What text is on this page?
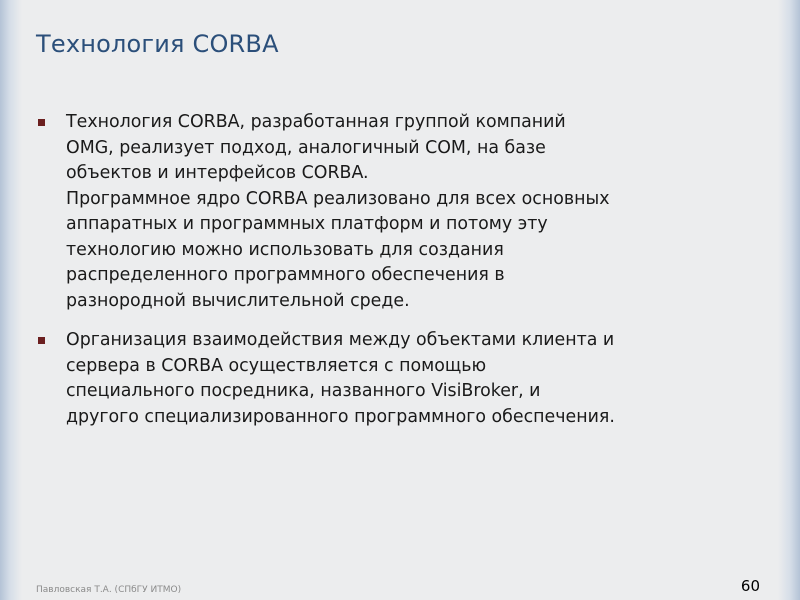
Технология CORBA
Технология CORBA, разработанная группой компаний
OMG, реализует подход, аналогичный COM, на базе
объектов и интерфейсов CORBA.
Программное ядро CORBA реализовано для всех основных
аппаратных и программных платформ и потому эту
технологию можно использовать для создания
распределенного программного обеспечения в
разнородной вычислительной среде.
Организация взаимодействия между объектами клиента и
сервера в CORBA осуществляется с помощью
специального посредника, названного VisiBroker, и
другого специализированного программного обеспечения.
Павловская Т.А. (СПбГУ ИТМО)	60
